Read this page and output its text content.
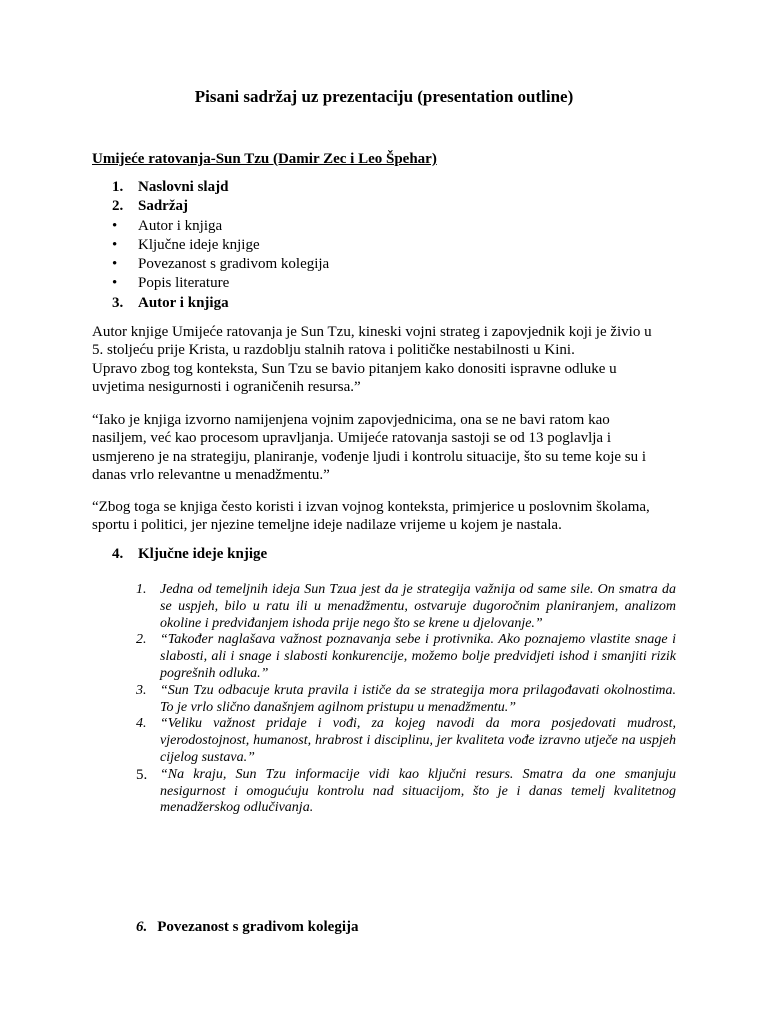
Pisani sadržaj uz prezentaciju (presentation outline)
Umijeće ratovanja-Sun Tzu (Damir Zec i Leo Špehar)
1. Naslovni slajd
2. Sadržaj
• Autor i knjiga
• Ključne ideje knjige
• Povezanost s gradivom kolegija
• Popis literature
3. Autor i knjiga
Autor knjige Umijeće ratovanja je Sun Tzu, kineski vojni strateg i zapovjednik koji je živio u
5. stoljeću prije Krista, u razdoblju stalnih ratova i političke nestabilnosti u Kini.
Upravo zbog tog konteksta, Sun Tzu se bavio pitanjem kako donositi ispravne odluke u
uvjetima nesigurnosti i ograničenih resursa.”
“Iako je knjiga izvorno namijenjena vojnim zapovjednicima, ona se ne bavi ratom kao
nasiljem, već kao procesom upravljanja. Umijeće ratovanja sastoji se od 13 poglavlja i
usmjereno je na strategiju, planiranje, vođenje ljudi i kontrolu situacije, što su teme koje su i
danas vrlo relevantne u menadžmentu.”
“Zbog toga se knjiga često koristi i izvan vojnog konteksta, primjerice u poslovnim školama,
sportu i politici, jer njezine temeljne ideje nadilaze vrijeme u kojem je nastala.
4. Ključne ideje knjige
1. Jedna od temeljnih ideja Sun Tzua jest da je strategija važnija od same sile. On smatra da se uspjeh, bilo u ratu ili u menadžmentu, ostvaruje dugoročnim planiranjem, analizom okoline i predviđanjem ishoda prije nego što se krene u djelovanje.”
2. “Također naglašava važnost poznavanja sebe i protivnika. Ako poznajemo vlastite snage i slabosti, ali i snage i slabosti konkurencije, možemo bolje predvidjeti ishod i smanjiti rizik pogrešnih odluka.”
3. “Sun Tzu odbacuje kruta pravila i ističe da se strategija mora prilagođavati okolnostima. To je vrlo slično današnjem agilnom pristupu u menadžmentu.”
4. “Veliku važnost pridaje i vođi, za kojeg navodi da mora posjedovati mudrost, vjerodostojnost, humanost, hrabrost i disciplinu, jer kvaliteta vođe izravno utječe na uspjeh cijelog sustava.”
5. “Na kraju, Sun Tzu informacije vidi kao ključni resurs. Smatra da one smanjuju nesigurnost i omogućuju kontrolu nad situacijom, što je i danas temelj kvalitetnog menadžerskog odlučivanja.
6. Povezanost s gradivom kolegija
